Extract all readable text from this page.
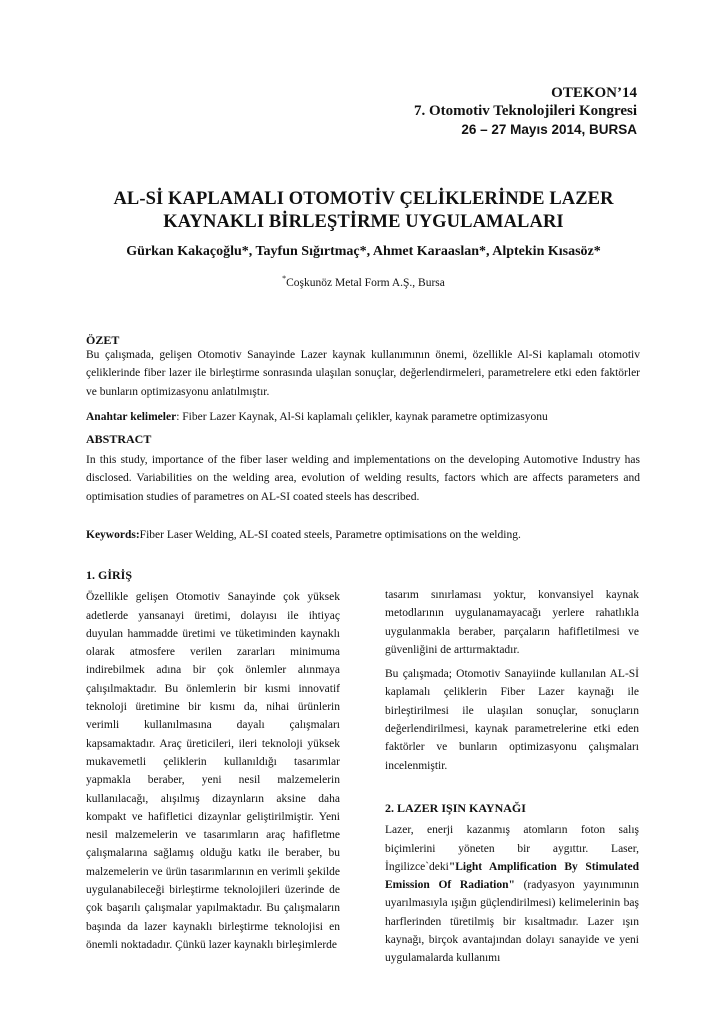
OTEKON’14
7. Otomotiv Teknolojileri Kongresi
26 – 27 Mayıs 2014, BURSA
AL-Sİ KAPLAMALI OTOMOTİV ÇELİKLERİNDE LAZER
KAYNAKLI BİRLEŞTİRME UYGULAMALARI
Gürkan Kakaçoğlu*, Tayfun Sığırtmaç*, Ahmet Karaaslan*, Alptekin Kısasöz*
*Coşkunöz Metal Form A.Ş., Bursa
ÖZET

Bu çalışmada, gelişen Otomotiv Sanayinde Lazer kaynak kullanımının önemi, özellikle Al-Si kaplamalı otomotiv çeliklerinde fiber lazer ile birleştirme sonrasında ulaşılan sonuçlar, değerlendirmeleri, parametrelere etki eden faktörler ve bunların optimizasyonu anlatılmıştır.

Anahtar kelimeler: Fiber Lazer Kaynak, Al-Si kaplamalı çelikler, kaynak parametre optimizasyonu

ABSTRACT

In this study, importance of the fiber laser welding and implementations on the developing Automotive Industry has disclosed. Variabilities on the welding area, evolution of welding results, factors which are affects parameters and optimisation studies of parametres on AL-SI coated steels has described.

Keywords:Fiber Laser Welding, AL-SI coated steels, Parametre optimisations on the welding.

1. GİRİŞ

Özellikle gelişen Otomotiv Sanayinde çok yüksek adetlerde yansanayi üretimi, dolayısı ile ihtiyaç duyulan hammadde üretimi ve tüketiminden kaynaklı olarak atmosfere verilen zararları minimuma indirebilmek adına bir çok önlemler alınmaya çalışılmaktadır. Bu önlemlerin bir kısmi innovatif teknoloji üretimine bir kısmı da, nihai ürünlerin verimli kullanılmasına dayalı çalışmaları kapsamaktadır. Araç üreticileri, ileri teknoloji yüksek mukavemetli çeliklerin kullanıldığı tasarımlar yapmakla beraber, yeni nesil malzemelerin kullanılacağı, alışılmış dizaynların aksine daha kompakt ve hafifletici dizaynlar geliştirilmiştir. Yeni nesil malzemelerin ve tasarımların araç hafifletme çalışmalarına sağlamış olduğu katkı ile beraber, bu malzemelerin ve ürün tasarımlarının en verimli şekilde uygulanabileceği birleştirme teknolojileri üzerinde de çok başarılı çalışmalar yapılmaktadır. Bu çalışmaların başında da lazer kaynaklı birleştirme teknolojisi en önemli noktadadır. Çünkü lazer kaynaklı birleşimlerde

tasarım sınırlaması yoktur, konvansiyel kaynak metodlarının uygulanamayacağı yerlere rahatlıkla uygulanmakla beraber, parçaların hafifletilmesi ve güvenliğini de arttırmaktadır.

Bu çalışmada; Otomotiv Sanayiinde kullanılan AL-Sİ kaplamalı çeliklerin Fiber Lazer kaynağı ile birleştirilmesi ile ulaşılan sonuçlar, sonuçların değerlendirilmesi, kaynak parametrelerine etki eden faktörler ve bunların optimizasyonu çalışmaları incelenmiştir.

2. LAZER IŞIN KAYNAĞI

Lazer, enerji kazanmış atomların foton salış biçimlerini yöneten bir aygıttır. Laser, İngilizce`deki"Light Amplification By Stimulated Emission Of Radiation" (radyasyon yayınımının uyarılmasıyla ışığın güçlendirilmesi) kelimelerinin baş harflerinden türetilmiş bir kısaltmadır. Lazer ışın kaynağı, birçok avantajından dolayı sanayide ve yeni uygulamalarda kullanımı
